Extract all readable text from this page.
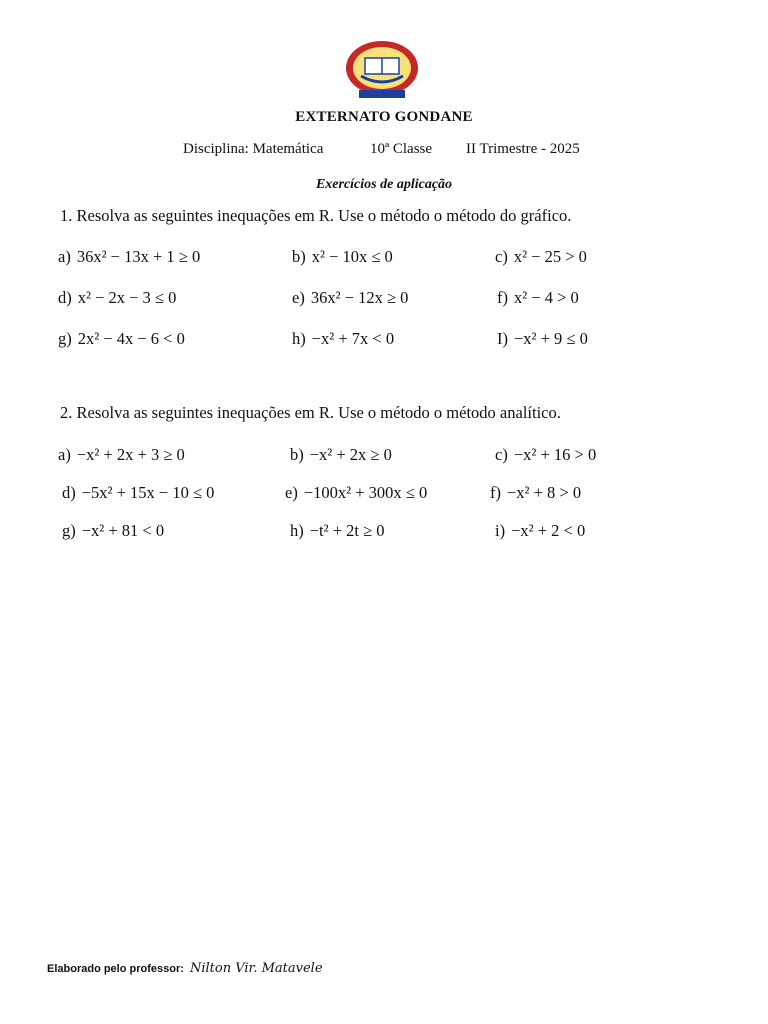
EXTERNATO GONDANE
Disciplina: Matemática	10ª Classe II Trimestre - 2025
Exercícios de aplicação
1. Resolva as seguintes inequações em R. Use o método o método do gráfico.
2. Resolva as seguintes inequações em R. Use o método o método analítico.
a) 36x² − 13x + 1 ≥ 0	b) x² − 10x ≤ 0	c) x² − 25 > 0
d) x² − 2x − 3 ≤ 0	e) 36x² − 12x ≥ 0	f) x² − 4 > 0
g) 2x² − 4x − 6 < 0	h) −x² + 7x < 0	I) −x² + 9 ≤ 0
a) −x² + 2x + 3 ≥ 0	b) −x² + 2x ≥ 0	c) −x² + 16 > 0
d) −5x² + 15x − 10 ≤ 0	e) −100x² + 300x ≤ 0	f) −x² + 8 > 0
g) −x² + 81 < 0	h) −t² + 2t ≥ 0	i) −x² + 2 < 0
Elaborado pelo professor: Nilton Vir. Matavele
